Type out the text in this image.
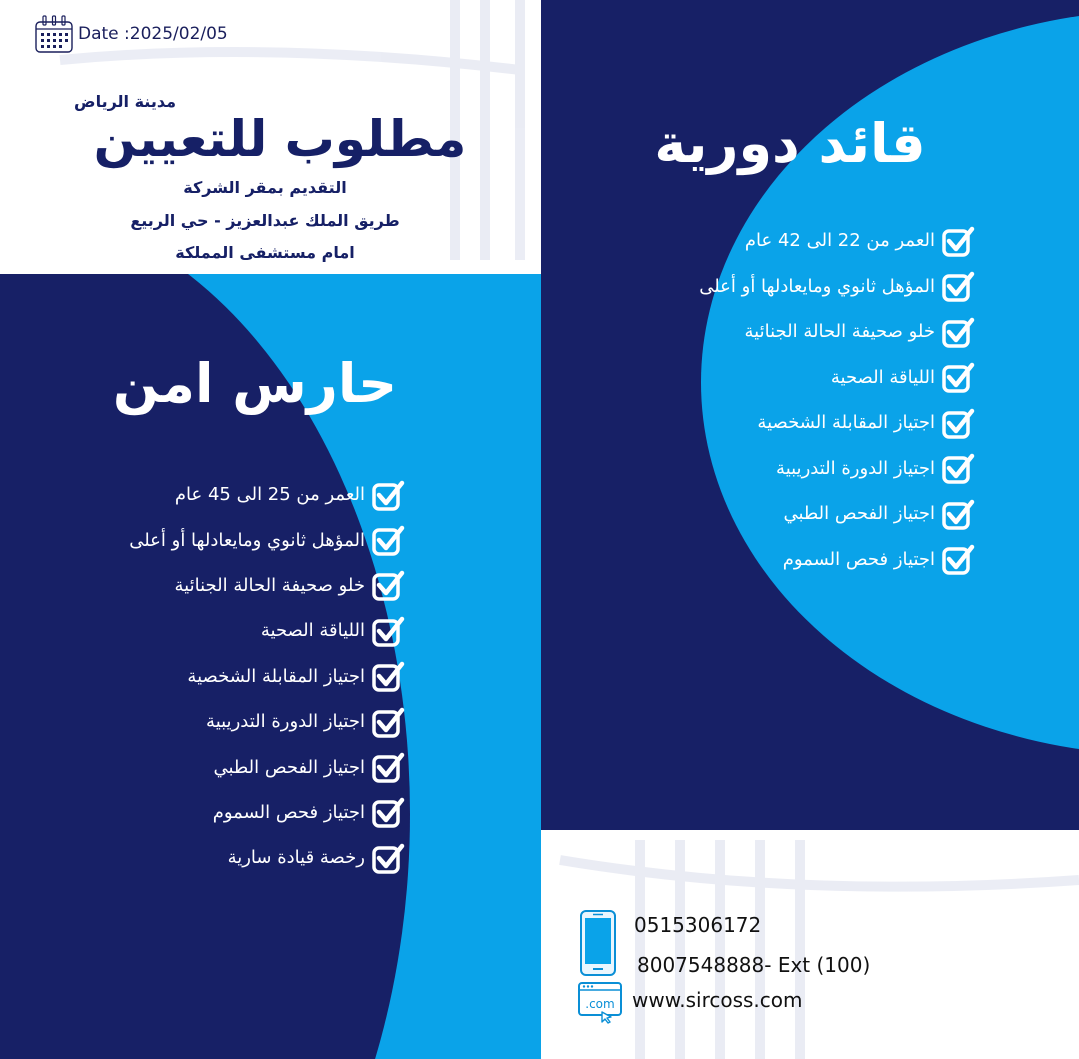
Date :2025/02/05
مدينة الرياض
مطلوب للتعيين
التقديم بمقر الشركة
طريق الملك عبدالعزيز - حي الربيع
امام مستشفى المملكة
حارس امن
العمر من 25 الى 45 عام
المؤهل ثانوي ومايعادلها أو أعلى
خلو صحيفة الحالة الجنائية
اللياقة الصحية
اجتياز المقابلة الشخصية
اجتياز الدورة التدريبية
اجتياز الفحص الطبي
اجتياز فحص السموم
رخصة قيادة سارية
قائد دورية
العمر من 22 الى 42 عام
المؤهل ثانوي ومايعادلها أو أعلى
خلو صحيفة الحالة الجنائية
اللياقة الصحية
اجتياز المقابلة الشخصية
اجتياز الدورة التدريبية
اجتياز الفحص الطبي
اجتياز فحص السموم
.com
0515306172
8007548888- Ext (100)
www.sircoss.com
